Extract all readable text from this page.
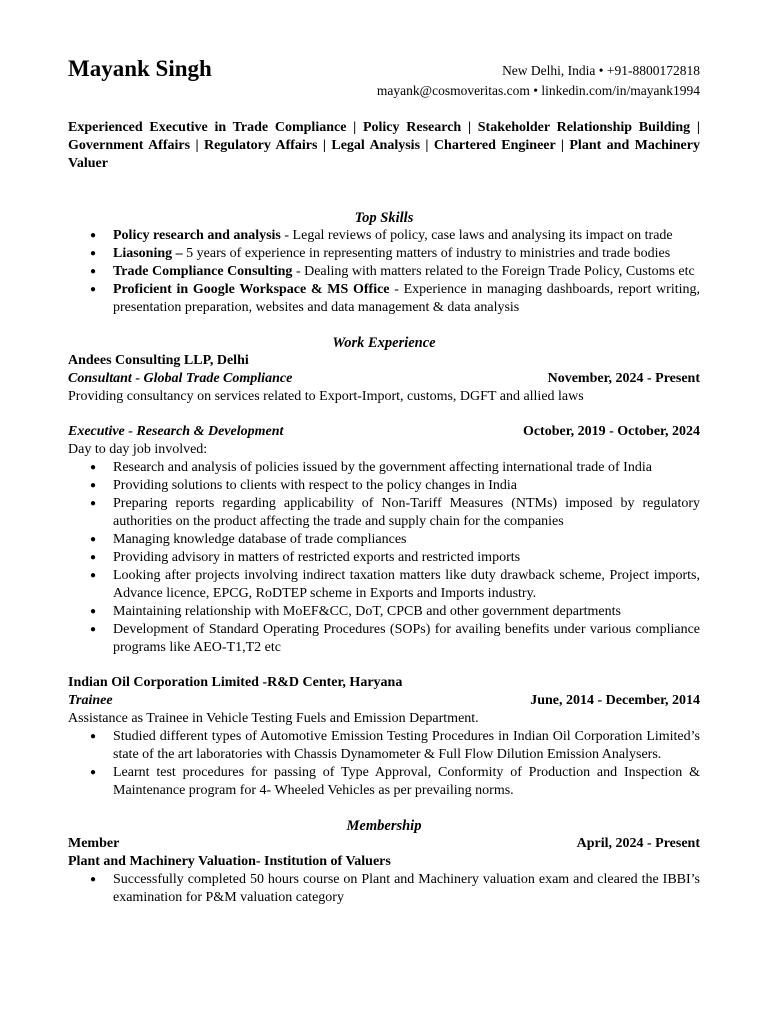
Mayank Singh	New Delhi, India • +91-8800172818
mayank@cosmoveritas.com • linkedin.com/in/mayank1994
Experienced Executive in Trade Compliance | Policy Research | Stakeholder Relationship Building | Government Affairs | Regulatory Affairs | Legal Analysis | Chartered Engineer | Plant and Machinery Valuer
Top Skills
● Policy research and analysis - Legal reviews of policy, case laws and analysing its impact on trade
● Liasoning – 5 years of experience in representing matters of industry to ministries and trade bodies
● Trade Compliance Consulting - Dealing with matters related to the Foreign Trade Policy, Customs etc
● Proficient in Google Workspace & MS Office - Experience in managing dashboards, report writing, presentation preparation, websites and data management & data analysis
Work Experience
Andees Consulting LLP, Delhi
Consultant - Global Trade Compliance	November, 2024 - Present
Providing consultancy on services related to Export-Import, customs, DGFT and allied laws
Executive - Research & Development	October, 2019 - October, 2024
Day to day job involved:
● Research and analysis of policies issued by the government affecting international trade of India
● Providing solutions to clients with respect to the policy changes in India
● Preparing reports regarding applicability of Non-Tariff Measures (NTMs) imposed by regulatory authorities on the product affecting the trade and supply chain for the companies
● Managing knowledge database of trade compliances
● Providing advisory in matters of restricted exports and restricted imports
● Looking after projects involving indirect taxation matters like duty drawback scheme, Project imports, Advance licence, EPCG, RoDTEP scheme in Exports and Imports industry.
● Maintaining relationship with MoEF&CC, DoT, CPCB and other government departments
● Development of Standard Operating Procedures (SOPs) for availing benefits under various compliance programs like AEO-T1,T2 etc
Indian Oil Corporation Limited -R&D Center, Haryana
Trainee	June, 2014 - December, 2014
Assistance as Trainee in Vehicle Testing Fuels and Emission Department.
● Studied different types of Automotive Emission Testing Procedures in Indian Oil Corporation Limited’s state of the art laboratories with Chassis Dynamometer & Full Flow Dilution Emission Analysers.
● Learnt test procedures for passing of Type Approval, Conformity of Production and Inspection & Maintenance program for 4- Wheeled Vehicles as per prevailing norms.
Membership
Member	April, 2024 - Present
Plant and Machinery Valuation- Institution of Valuers
● Successfully completed 50 hours course on Plant and Machinery valuation exam and cleared the IBBI’s examination for P&M valuation category
